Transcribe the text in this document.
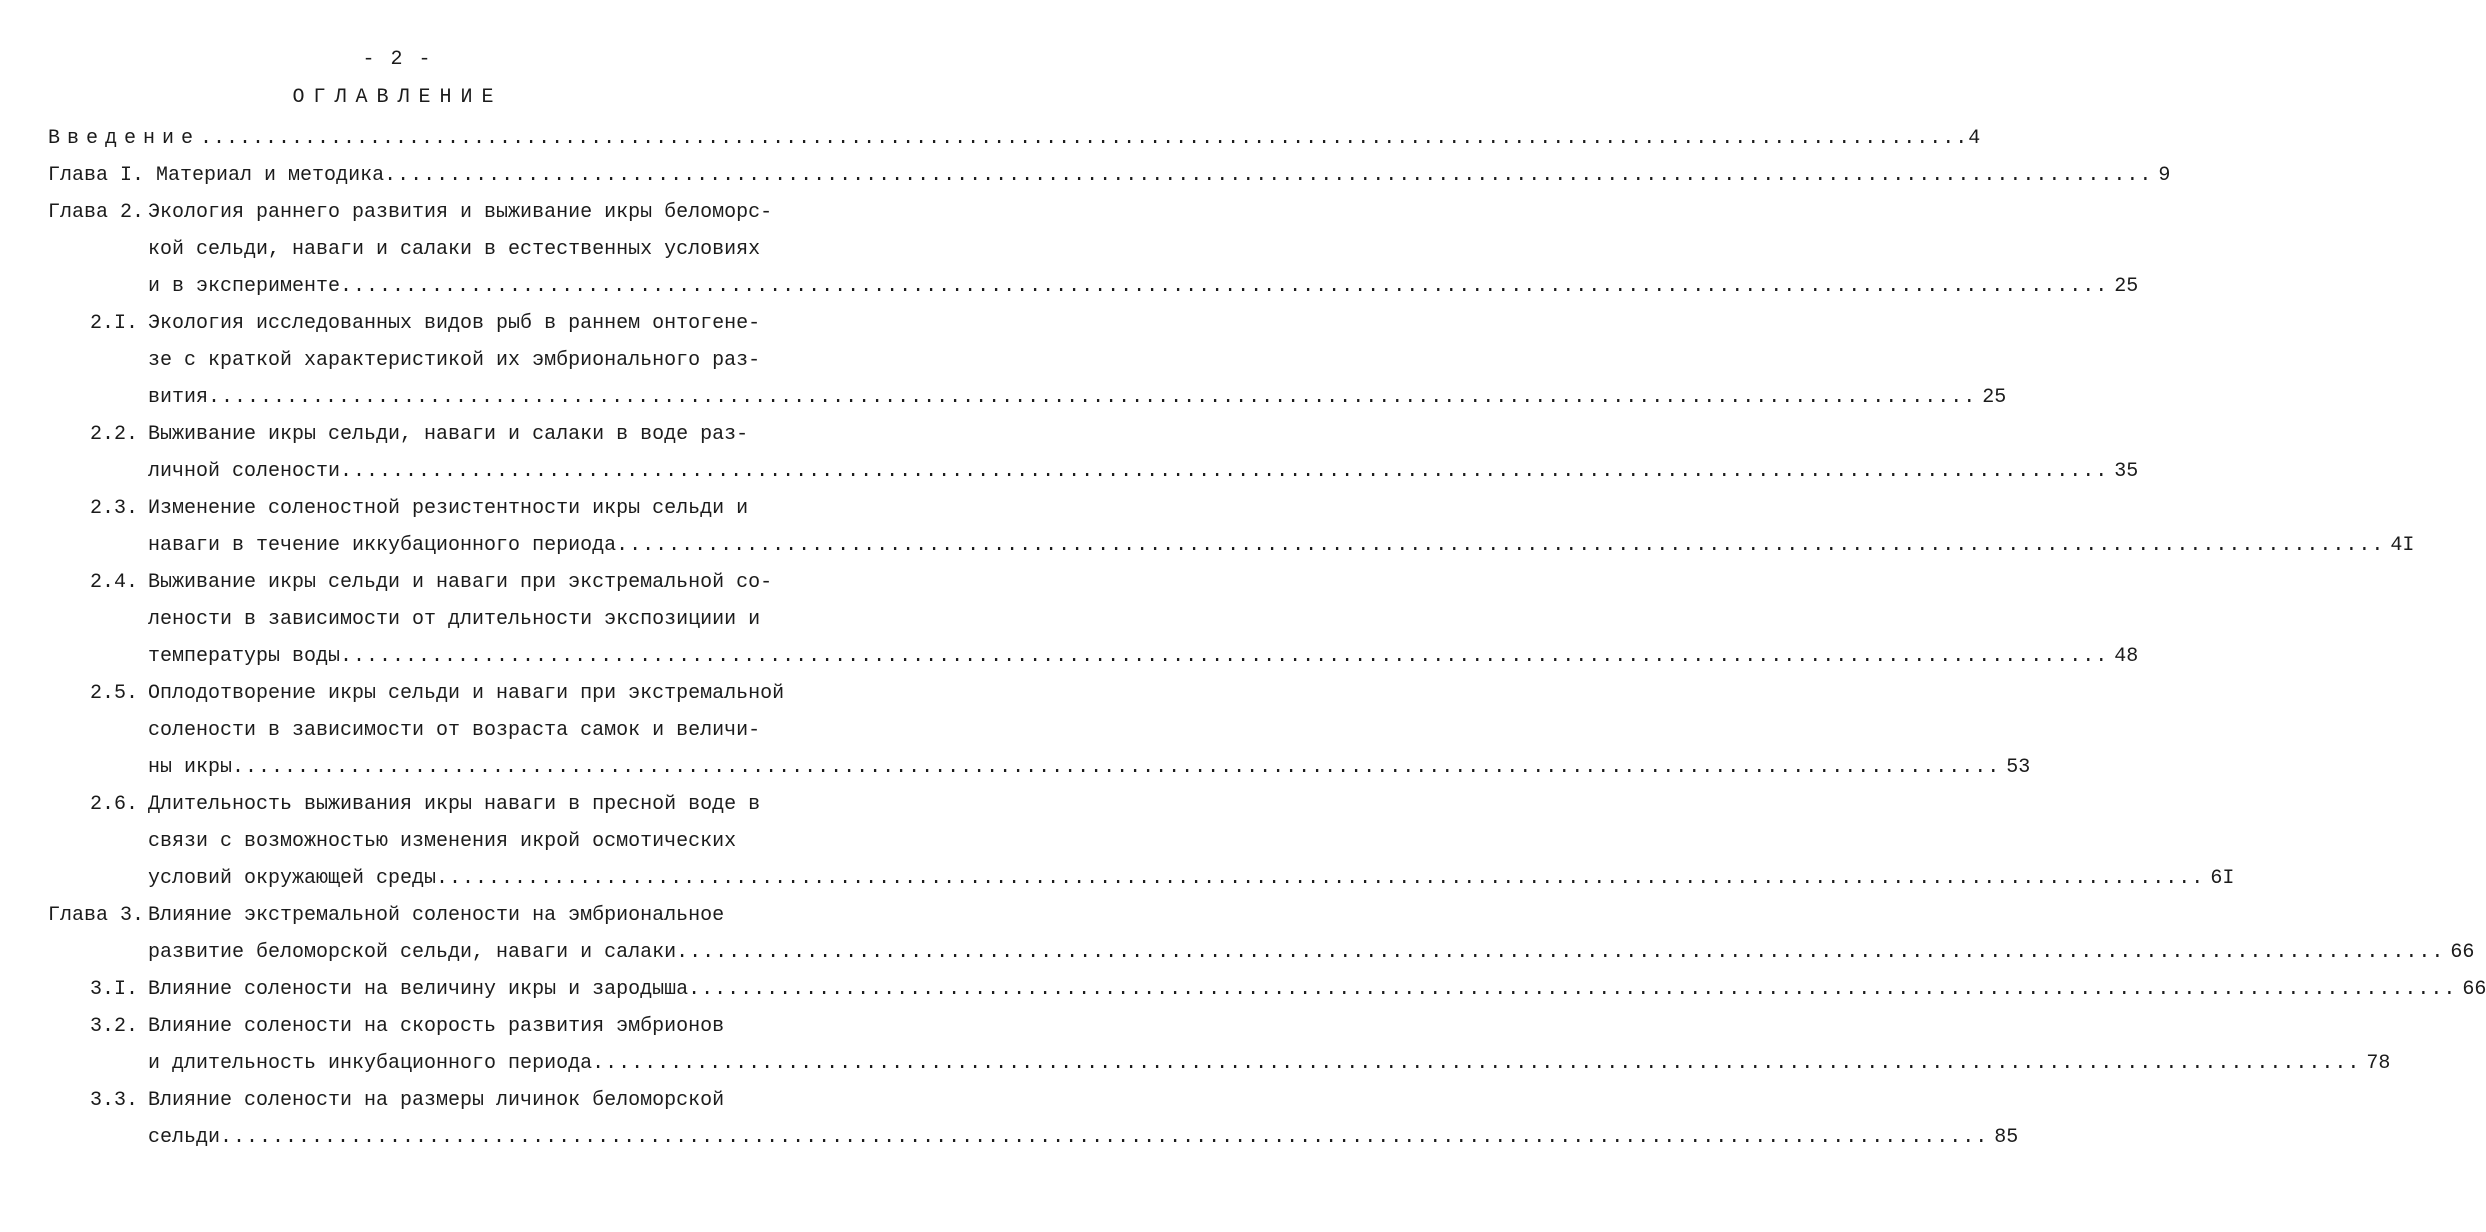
- 2 -
ОГЛАВЛЕНИЕ
Введение .....	4
Глава I. Материал и методика .....	9
Глава 2. Экология раннего развития и выживание икры беломорс-
кой сельди, наваги и салаки в естественных условиях
и в эксперименте .....	25
2.I. Экология исследованных видов рыб в раннем онтогене-
зе с краткой характеристикой их эмбрионального раз-
вития .....	25
2.2. Выживание икры сельди, наваги и салаки в воде раз-
личной солености .....	35
2.3. Изменение соленостной резистентности икры сельди и
наваги в течение иккубационного периода .....	4I
2.4. Выживание икры сельди и наваги при экстремальной со-
лености в зависимости от длительности экспозициии и
температуры воды .....	48
2.5. Оплодотворение икры сельди и наваги при экстремальной
солености в зависимости от возраста самок и величи-
ны икры .....	53
2.6. Длительность выживания икры наваги в пресной воде в
связи с возможностью изменения икрой осмотических
условий окружающей среды .....	6I
Глава 3. Влияние экстремальной солености на эмбриональное
развитие беломорской сельди, наваги и салаки .....	66
3.I. Влияние солености на величину икры и зародыша .....	66
3.2. Влияние солености на скорость развития эмбрионов
и длительность инкубационного периода .....	78
3.3. Влияние солености на размеры личинок беломорской
сельди .....	85
